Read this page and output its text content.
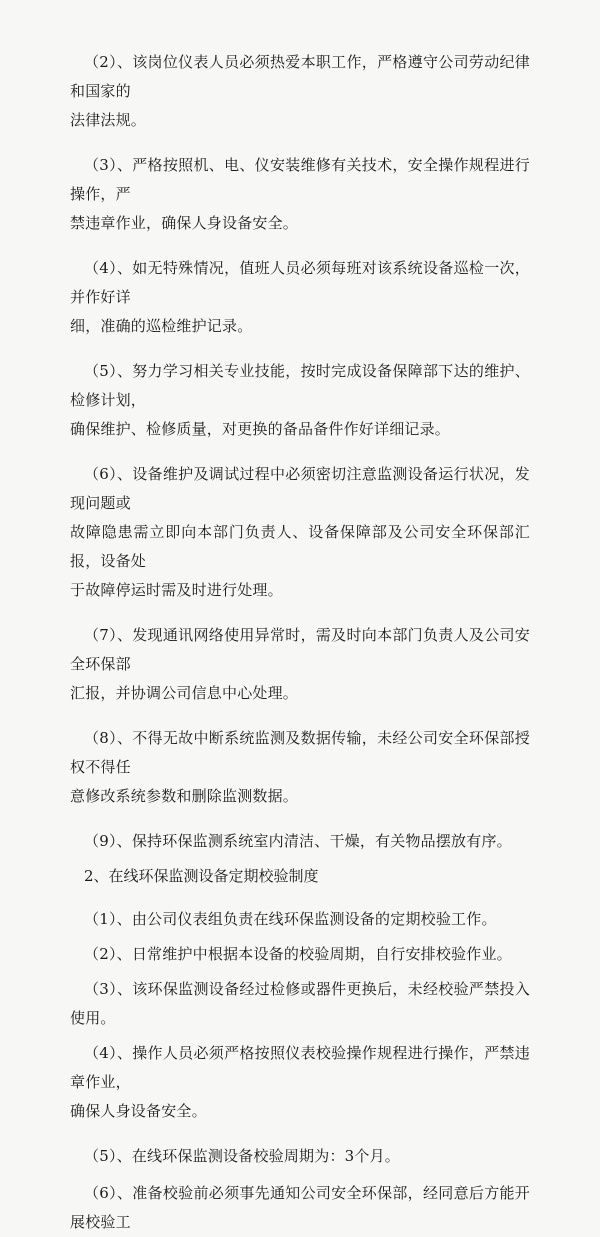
（2）、该岗位仪表人员必须热爱本职工作，严格遵守公司劳动纪律和国家的

法律法规。

（3）、严格按照机、电、仪安装维修有关技术，安全操作规程进行操作，严

禁违章作业，确保人身设备安全。

（4）、如无特殊情况，值班人员必须每班对该系统设备巡检一次，并作好详

细，准确的巡检维护记录。

（5）、努力学习相关专业技能，按时完成设备保障部下达的维护、检修计划，

确保维护、检修质量，对更换的备品备件作好详细记录。

（6）、设备维护及调试过程中必须密切注意监测设备运行状况，发现问题或

故障隐患需立即向本部门负责人、设备保障部及公司安全环保部汇报，设备处

于故障停运时需及时进行处理。

（7）、发现通讯网络使用异常时，需及时向本部门负责人及公司安全环保部

汇报，并协调公司信息中心处理。

（8）、不得无故中断系统监测及数据传输，未经公司安全环保部授权不得任

意修改系统参数和删除监测数据。

（9）、保持环保监测系统室内清洁、干燥，有关物品摆放有序。

2、在线环保监测设备定期校验制度

（1）、由公司仪表组负责在线环保监测设备的定期校验工作。

（2）、日常维护中根据本设备的校验周期，自行安排校验作业。

（3）、该环保监测设备经过检修或器件更换后，未经校验严禁投入使用。

（4）、操作人员必须严格按照仪表校验操作规程进行操作，严禁违章作业，

确保人身设备安全。

（5）、在线环保监测设备校验周期为：3个月。

（6）、准备校验前必须事先通知公司安全环保部，经同意后方能开展校验工
